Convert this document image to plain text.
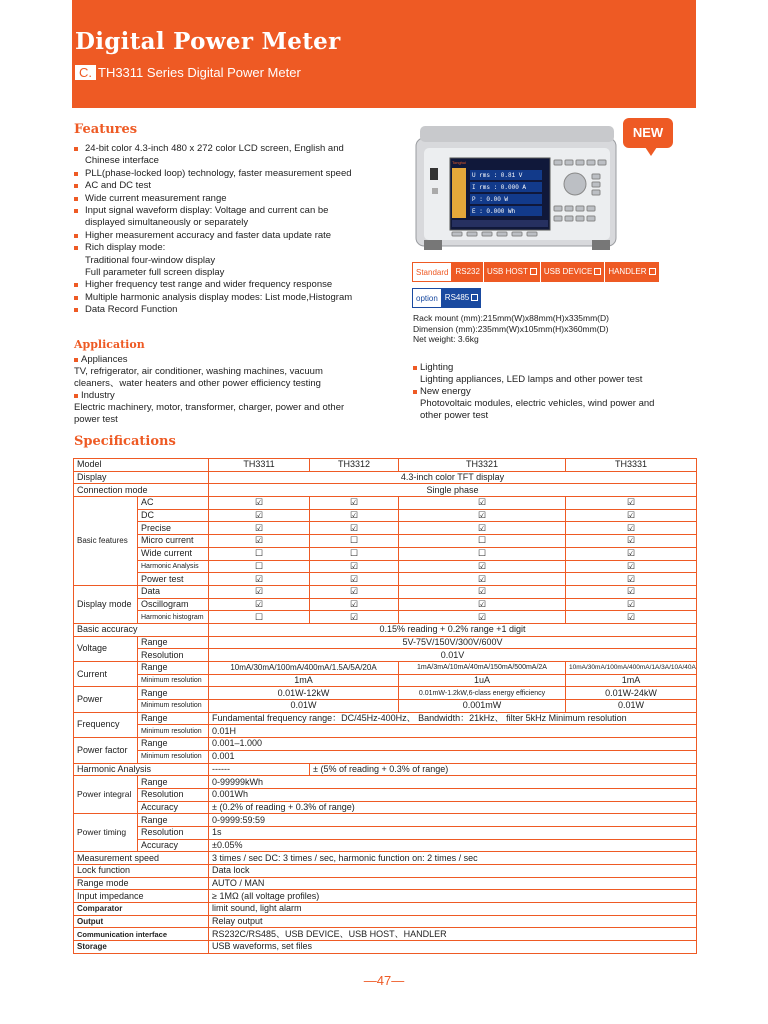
Digital Power Meter
C. TH3311 Series Digital Power Meter
Features
24-bit color 4.3-inch 480 x 272 color LCD screen, English and
Chinese interface
PLL(phase-locked loop) technology, faster measurement speed
AC and DC test
Wide current measurement range
Input signal waveform display: Voltage and current can be
displayed simultaneously or separately
Higher measurement accuracy and faster data update rate
Rich display mode:
Traditional four-window display
Full parameter full screen display
Higher frequency test range and wider frequency response
Multiple harmonic analysis display modes: List mode,Histogram
Data Record Function
NEW
Tonghui
U rms : 0.81 V
I rms : 0.000 A
P : 0.00 W
E : 0.000 Wh
Standard RS232 USB HOST	USB DEVICE	HANDLER
option RS485
Rack mount (mm):215mm(W)x88mm(H)x335mm(D)
Dimension (mm):235mm(W)x105mm(H)x360mm(D)
Net weight: 3.6kg
Application
Appliances
TV, refrigerator, air conditioner, washing machines, vacuum
cleaners、water heaters and other power efficiency testing
Industry
Electric machinery, motor, transformer, charger, power and other
power test
Lighting
Lighting appliances, LED lamps and other power test
New energy
Photovoltaic modules, electric vehicles, wind power and
other power test
Specifications
Model		TH3311	TH3312	TH3321	TH3331
Display		4.3-inch color TFT display			
Connection mode		Single phase			
Basic features	AC	☑	☑	☑	☑
	DC	☑	☑	☑	☑
	Precise	☑	☑	☑	☑
	Micro current	☑	☐	☐	☑
	Wide current	☐	☐	☐	☑
	Harmonic Analysis	☐	☑	☑	☑
	Power test	☑	☑	☑	☑
Display mode	Data	☑	☑	☑	☑
	Oscillogram	☑	☑	☑	☑
	Harmonic histogram	☐	☑	☑	☑
Basic accuracy		0.15% reading + 0.2% range +1 digit			
Voltage	Range	5V-75V/150V/300V/600V			
	Resolution	0.01V			
Current	Range	10mA/30mA/100mA/400mA/1.5A/5A/20A		1mA/3mA/10mA/40mA/150mA/500mA/2A	10mA/30mA/100mA/400mA/1A/3A/10A/40A
	Minimum resolution	1mA		1uA	1mA
Power	Range	0.01W-12kW		0.01mW-1.2kW,6-class energy efficiency	0.01W-24kW
	Minimum resolution	0.01W		0.001mW	0.01W
Frequency	Range	Fundamental frequency range：DC/45Hz-400Hz、 Bandwidth：21kHz、 filter 5kHz Minimum resolution			
	Minimum resolution	0.01H			
Power factor	Range	0.001–1.000			
	Minimum resolution	0.001			
Harmonic Analysis		------	± (5% of reading + 0.3% of range)		
Power integral	Range	0-99999kWh			
	Resolution	0.001Wh			
	Accuracy	± (0.2% of reading + 0.3% of range)			
Power timing	Range	0-9999:59:59			
	Resolution	1s			
	Accuracy	±0.05%			
Measurement speed		3 times / sec DC: 3 times / sec, harmonic function on: 2 times / sec			
Lock function		Data lock			
Range mode		AUTO / MAN			
Input impedance		≥ 1MΩ (all voltage profiles)			
Comparator		limit sound, light alarm			
Output		Relay output			
Communication interface		RS232C/RS485、USB DEVICE、USB HOST、HANDLER			
Storage		USB waveforms, set files			
—47—
